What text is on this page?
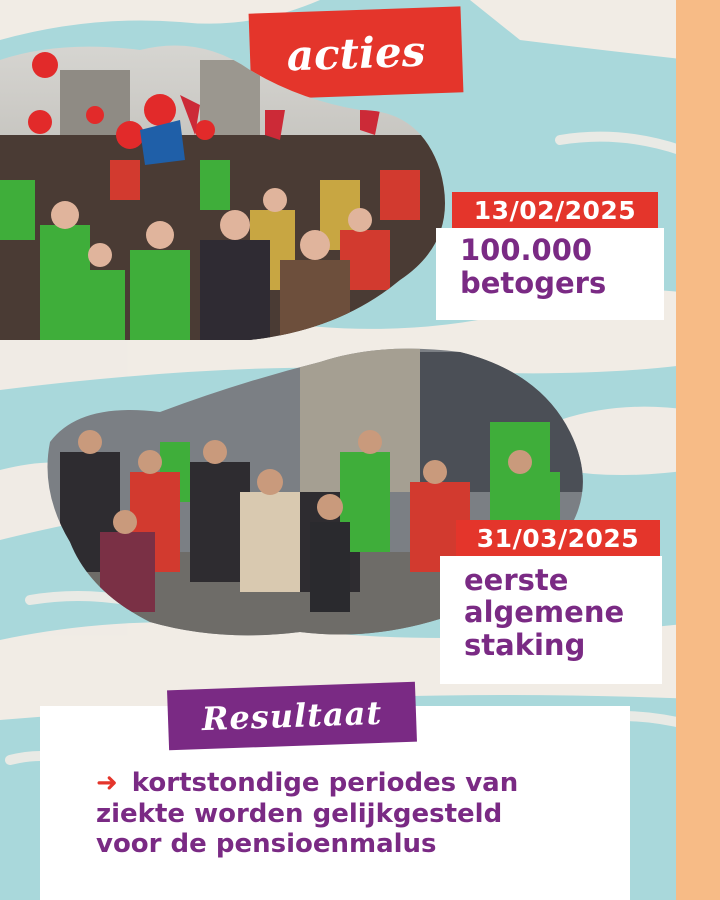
acties
13/02/2025

100.000
betogers

31/03/2025

eerste
algemene
staking

Resultaat
➜ kortstondige periodes van
ziekte worden gelijkgesteld
voor de pensioenmalus
